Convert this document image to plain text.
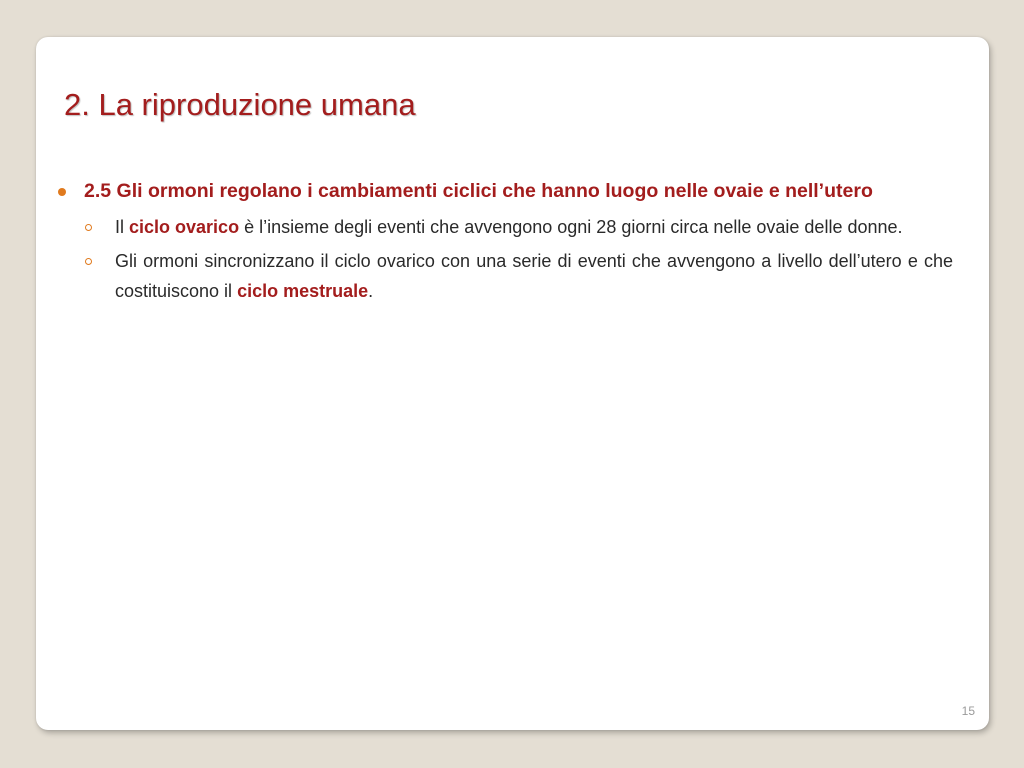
2. La riproduzione umana
2.5 Gli ormoni regolano i cambiamenti ciclici che hanno luogo nelle ovaie e nell’utero
Il ciclo ovarico è l’insieme degli eventi che avvengono ogni 28 giorni circa nelle ovaie delle donne.
Gli ormoni sincronizzano il ciclo ovarico con una serie di eventi che avvengono a livello dell’utero e che costituiscono il ciclo mestruale.
15
